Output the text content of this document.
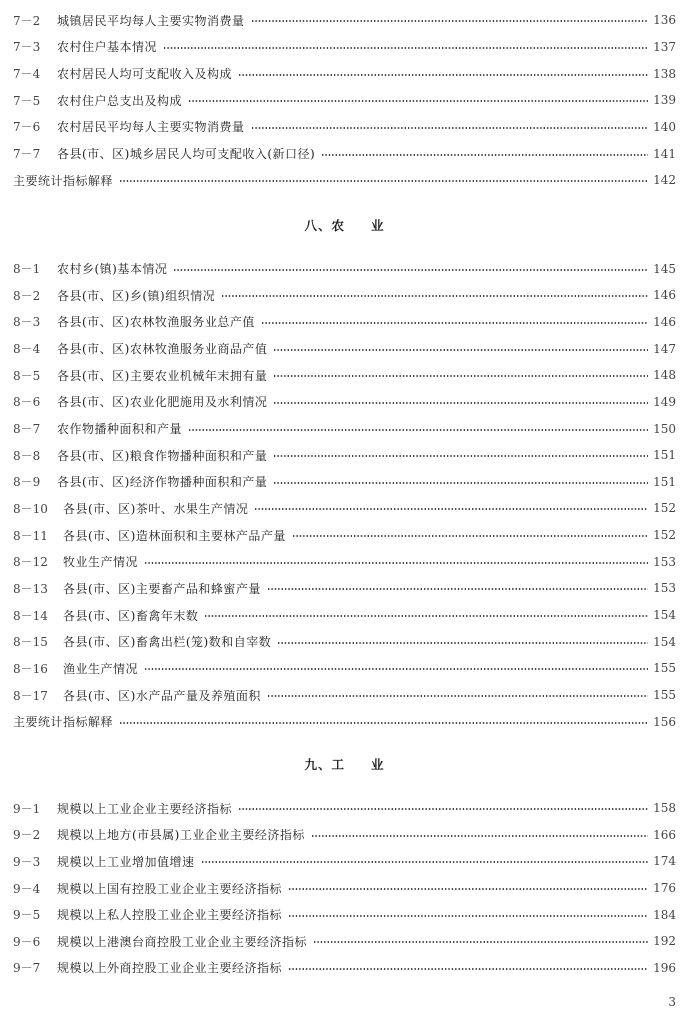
7－2	城镇居民平均每人主要实物消费量	136
7－3	农村住户基本情况	137
7－4	农村居民人均可支配收入及构成	138
7－5	农村住户总支出及构成	139
7－6	农村居民平均每人主要实物消费量	140
7－7	各县(市、区)城乡居民人均可支配收入(新口径)	141
主要统计指标解释	142
八、农 业
8－1	农村乡(镇)基本情况	145
8－2	各县(市、区)乡(镇)组织情况	146
8－3	各县(市、区)农林牧渔服务业总产值	146
8－4	各县(市、区)农林牧渔服务业商品产值	147
8－5	各县(市、区)主要农业机械年末拥有量	148
8－6	各县(市、区)农业化肥施用及水利情况	149
8－7	农作物播种面积和产量	150
8－8	各县(市、区)粮食作物播种面积和产量	151
8－9	各县(市、区)经济作物播种面积和产量	151
8－10	各县(市、区)茶叶、水果生产情况	152
8－11	各县(市、区)造林面积和主要林产品产量	152
8－12	牧业生产情况	153
8－13	各县(市、区)主要畜产品和蜂蜜产量	153
8－14	各县(市、区)畜禽年末数	154
8－15	各县(市、区)畜禽出栏(笼)数和自宰数	154
8－16	渔业生产情况	155
8－17	各县(市、区)水产品产量及养殖面积	155
主要统计指标解释	156
九、工 业
9－1	规模以上工业企业主要经济指标	158
9－2	规模以上地方(市县属)工业企业主要经济指标	166
9－3	规模以上工业增加值增速	174
9－4	规模以上国有控股工业企业主要经济指标	176
9－5	规模以上私人控股工业企业主要经济指标	184
9－6	规模以上港澳台商控股工业企业主要经济指标	192
9－7	规模以上外商控股工业企业主要经济指标	196
3
